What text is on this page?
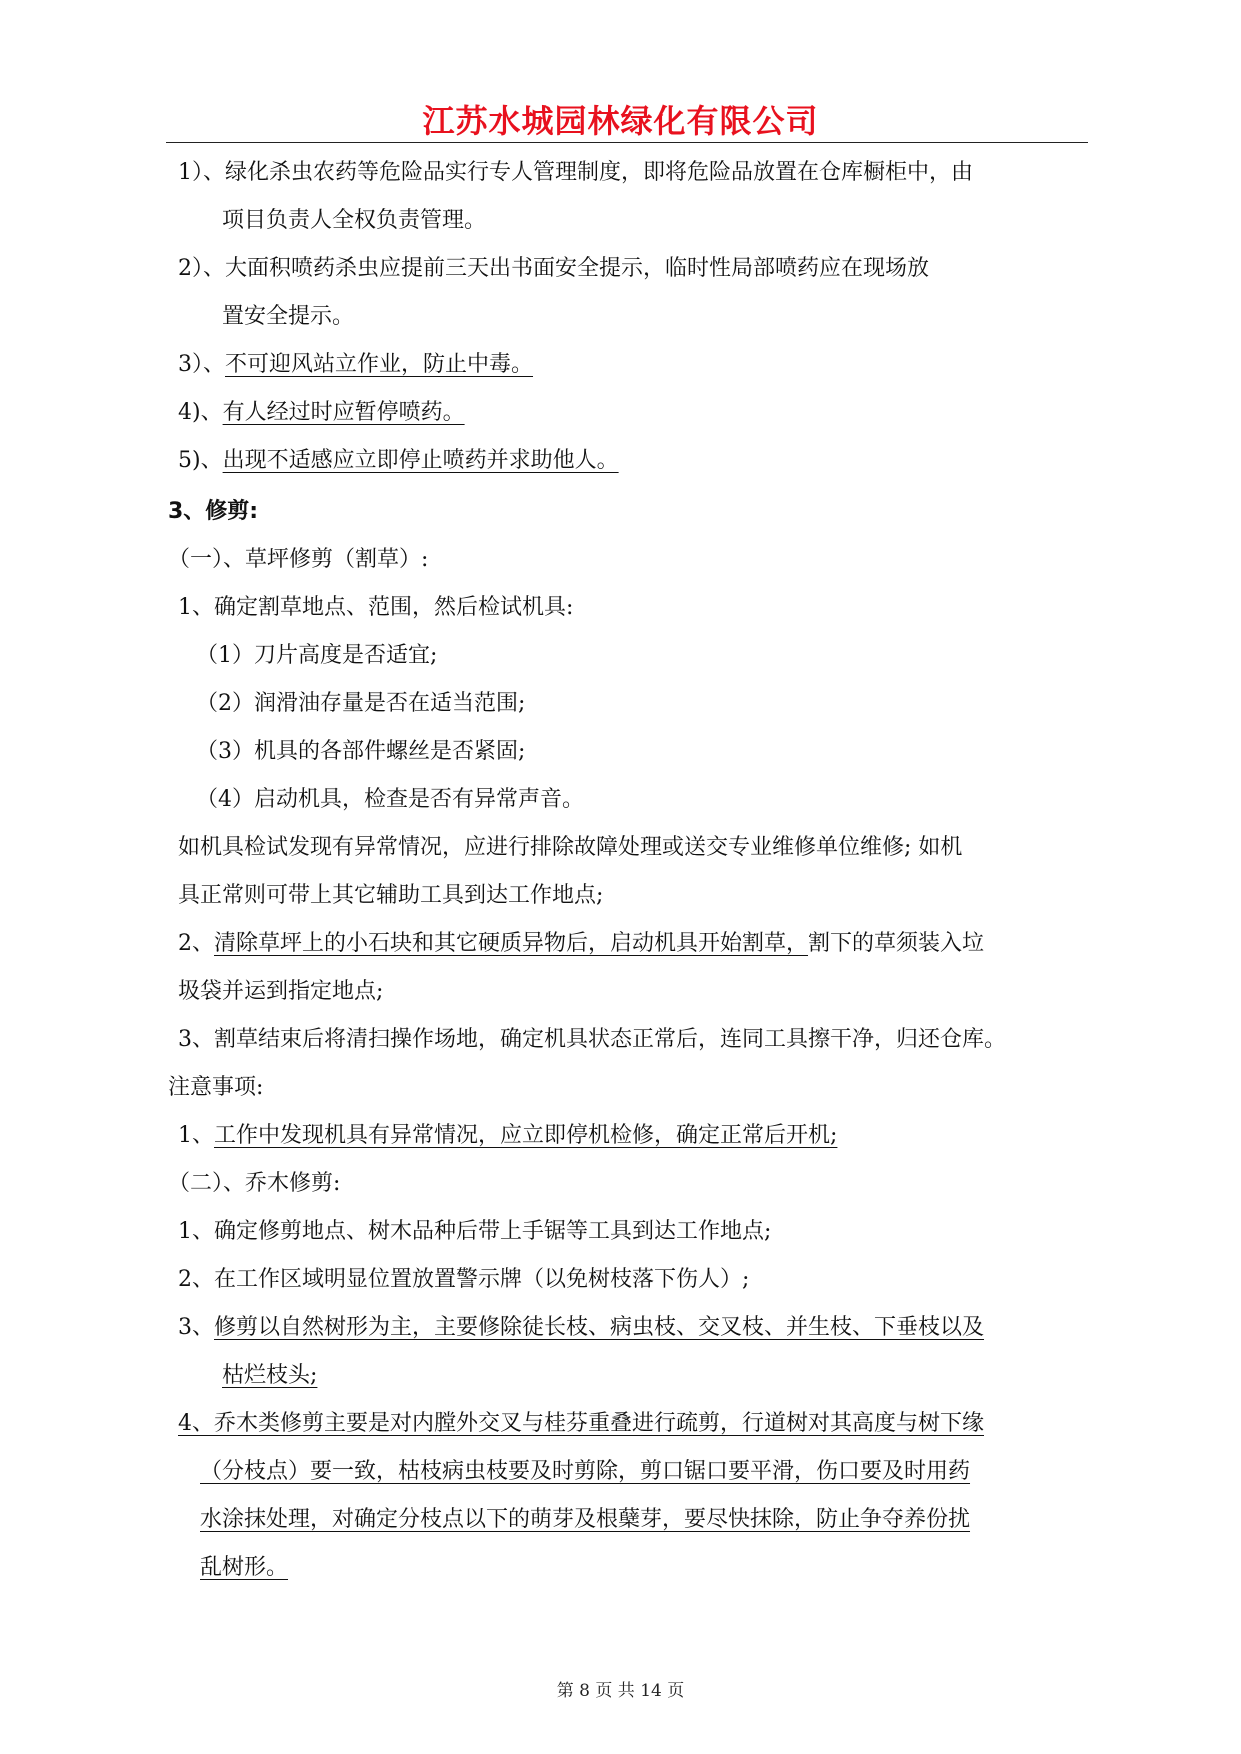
江苏水城园林绿化有限公司
1）、绿化杀虫农药等危险品实行专人管理制度，即将危险品放置在仓库橱柜中，由
项目负责人全权负责管理。
2）、大面积喷药杀虫应提前三天出书面安全提示，临时性局部喷药应在现场放
置安全提示。
3）、不可迎风站立作业，防止中毒。
4)、有人经过时应暂停喷药。
5)、出现不适感应立即停止喷药并求助他人。
3、修剪:
（一）、草坪修剪（割草）:
1、确定割草地点、范围，然后检试机具:
（1）刀片高度是否适宜;
（2）润滑油存量是否在适当范围;
（3）机具的各部件螺丝是否紧固;
（4）启动机具，检查是否有异常声音。
如机具检试发现有异常情况，应进行排除故障处理或送交专业维修单位维修; 如机
具正常则可带上其它辅助工具到达工作地点;
2、清除草坪上的小石块和其它硬质异物后，启动机具开始割草，割下的草须装入垃
圾袋并运到指定地点;
3、割草结束后将清扫操作场地，确定机具状态正常后，连同工具擦干净，归还仓库。
注意事项:
1、工作中发现机具有异常情况，应立即停机检修，确定正常后开机;
（二）、乔木修剪:
1、确定修剪地点、树木品种后带上手锯等工具到达工作地点;
2、在工作区域明显位置放置警示牌（以免树枝落下伤人）;
3、修剪以自然树形为主，主要修除徒长枝、病虫枝、交叉枝、并生枝、下垂枝以及
枯烂枝头;
4、乔木类修剪主要是对内膛外交叉与桂芬重叠进行疏剪，行道树对其高度与树下缘
（分枝点）要一致，枯枝病虫枝要及时剪除，剪口锯口要平滑，伤口要及时用药
水涂抹处理，对确定分枝点以下的萌芽及根蘖芽，要尽快抹除，防止争夺养份扰
乱树形。
第 8 页 共 14 页
